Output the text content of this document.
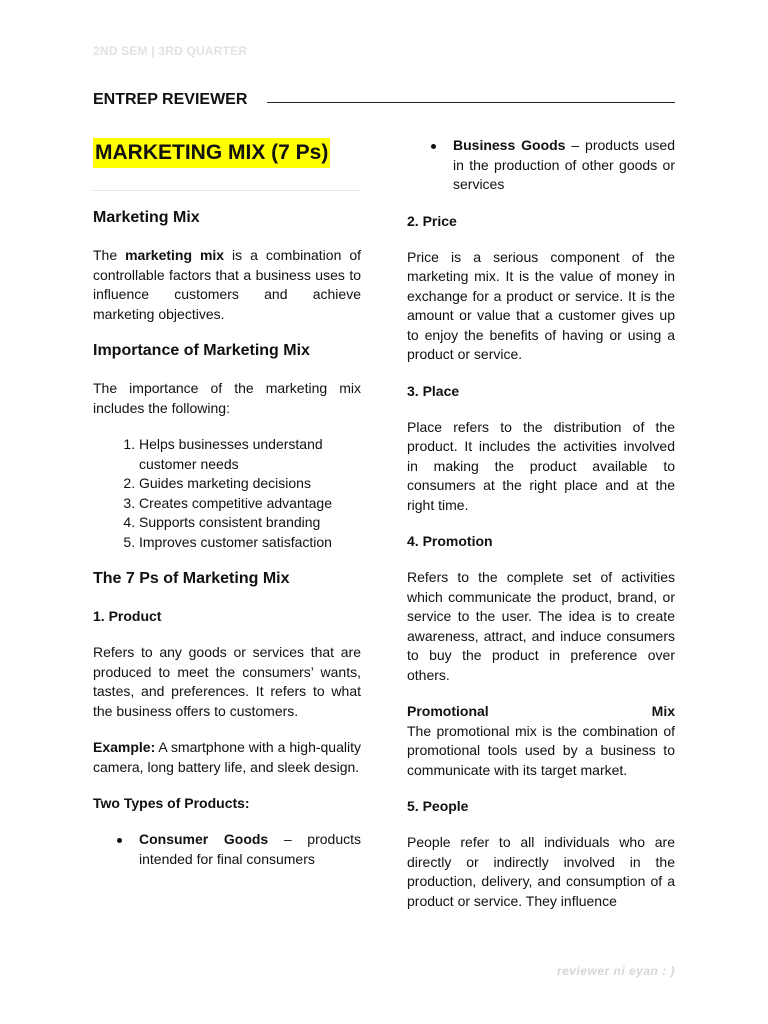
2ND SEM | 3RD QUARTER
ENTREP REVIEWER
MARKETING MIX (7 Ps)
Marketing Mix

The marketing mix is a combination of controllable factors that a business uses to influence customers and achieve marketing objectives.

Importance of Marketing Mix

The importance of the marketing mix includes the following:

1. Helps businesses understand customer needs
2. Guides marketing decisions
3. Creates competitive advantage
4. Supports consistent branding
5. Improves customer satisfaction
The 7 Ps of Marketing Mix
1. Product

Refers to any goods or services that are produced to meet the consumers’ wants, tastes, and preferences. It refers to what the business offers to customers.

Example: A smartphone with a high-quality camera, long battery life, and sleek design.

Two Types of Products:
Consumer Goods – products intended for final consumers
Business Goods – products used in the production of other goods or services
2. Price

Price is a serious component of the marketing mix. It is the value of money in exchange for a product or service. It is the amount or value that a customer gives up to enjoy the benefits of having or using a product or service.

3. Place

Place refers to the distribution of the product. It includes the activities involved in making the product available to consumers at the right place and at the right time.

4. Promotion

Refers to the complete set of activities which communicate the product, brand, or service to the user. The idea is to create awareness, attract, and induce consumers to buy the product in preference over others.

Promotional	Mix

The promotional mix is the combination of promotional tools used by a business to communicate with its target market.

5. People

People refer to all individuals who are directly or indirectly involved in the production, delivery, and consumption of a product or service. They influence

reviewer ni eyan : )
